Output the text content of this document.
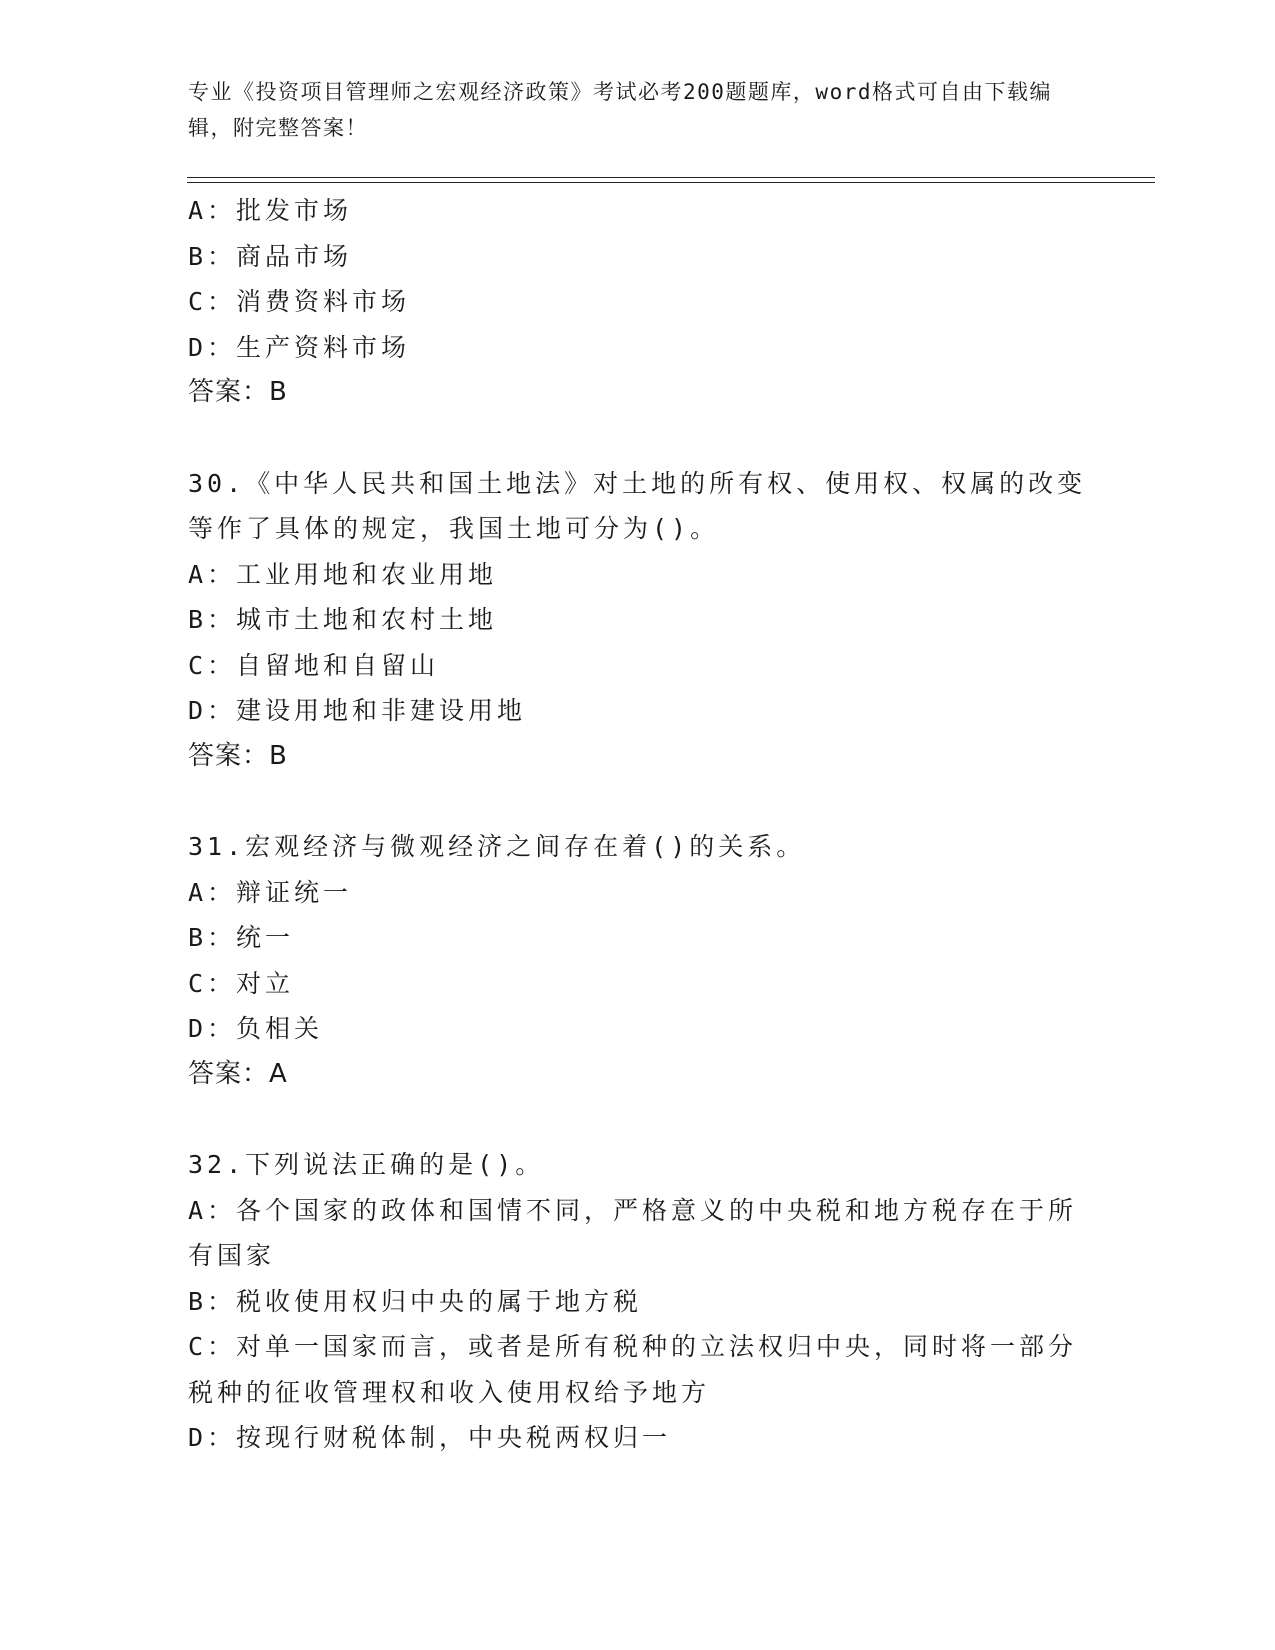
专业《投资项目管理师之宏观经济政策》考试必考200题题库，word格式可自由下载编辑，附完整答案！

A：批发市场

B：商品市场

C：消费资料市场

D：生产资料市场

答案：B

30.《中华人民共和国土地法》对土地的所有权、使用权、权属的改变

等作了具体的规定，我国土地可分为()。

A：工业用地和农业用地

B：城市土地和农村土地

C：自留地和自留山

D：建设用地和非建设用地

答案：B

31.宏观经济与微观经济之间存在着()的关系。

A：辩证统一

B：统一

C：对立

D：负相关

答案：A

32.下列说法正确的是()。

A：各个国家的政体和国情不同，严格意义的中央税和地方税存在于所

有国家

B：税收使用权归中央的属于地方税

C：对单一国家而言，或者是所有税种的立法权归中央，同时将一部分

税种的征收管理权和收入使用权给予地方

D：按现行财税体制，中央税两权归一
